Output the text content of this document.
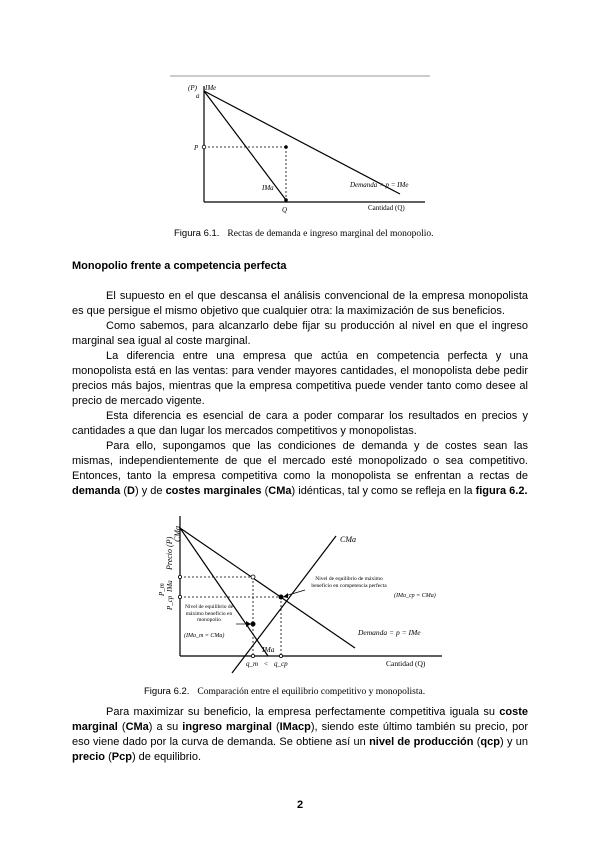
(P) IMe
a
P
IMa	Demanda = p = IMe
Q	Cantidad (Q)
Figura 6.1. Rectas de demanda e ingreso marginal del monopolio.
Monopolio frente a competencia perfecta

El supuesto en el que descansa el análisis convencional de la empresa monopolista es que persigue el mismo objetivo que cualquier otra: la maximización de sus beneficios.

Como sabemos, para alcanzarlo debe fijar su producción al nivel en que el ingreso marginal sea igual al coste marginal.

La diferencia entre una empresa que actúa en competencia perfecta y una monopolista está en las ventas: para vender mayores cantidades, el monopolista debe pedir precios más bajos, mientras que la empresa competitiva puede vender tanto como desee al precio de mercado vigente.

Esta diferencia es esencial de cara a poder comparar los resultados en precios y cantidades a que dan lugar los mercados competitivos y monopolistas.

Para ello, supongamos que las condiciones de demanda y de costes sean las mismas, independientemente de que el mercado esté monopolizado o sea competitivo. Entonces, tanto la empresa competitiva como la monopolista se enfrentan a rectas de demanda (D) y de costes marginales (CMa) idénticas, tal y como se refleja en la figura 6.2.

Precio (P)
CMa
IMa
P_cp
P_m
CMa
Nivel de equilibrio de máximo beneficio en competencia perfecta
(IMa_cp = CMa)
Nivel de equilibrio de máximo beneficio en monopolio
(IMa_m = CMa)	Demanda = p = IMe
IMa
q_m < q_cp	Cantidad (Q)
Figura 6.2. Comparación entre el equilibrio competitivo y monopolista.

Para maximizar su beneficio, la empresa perfectamente competitiva iguala su coste marginal (CMa) a su ingreso marginal (IMacp), siendo este último también su precio, por eso viene dado por la curva de demanda. Se obtiene así un nivel de producción (qcp) y un precio (Pcp) de equilibrio.

2
